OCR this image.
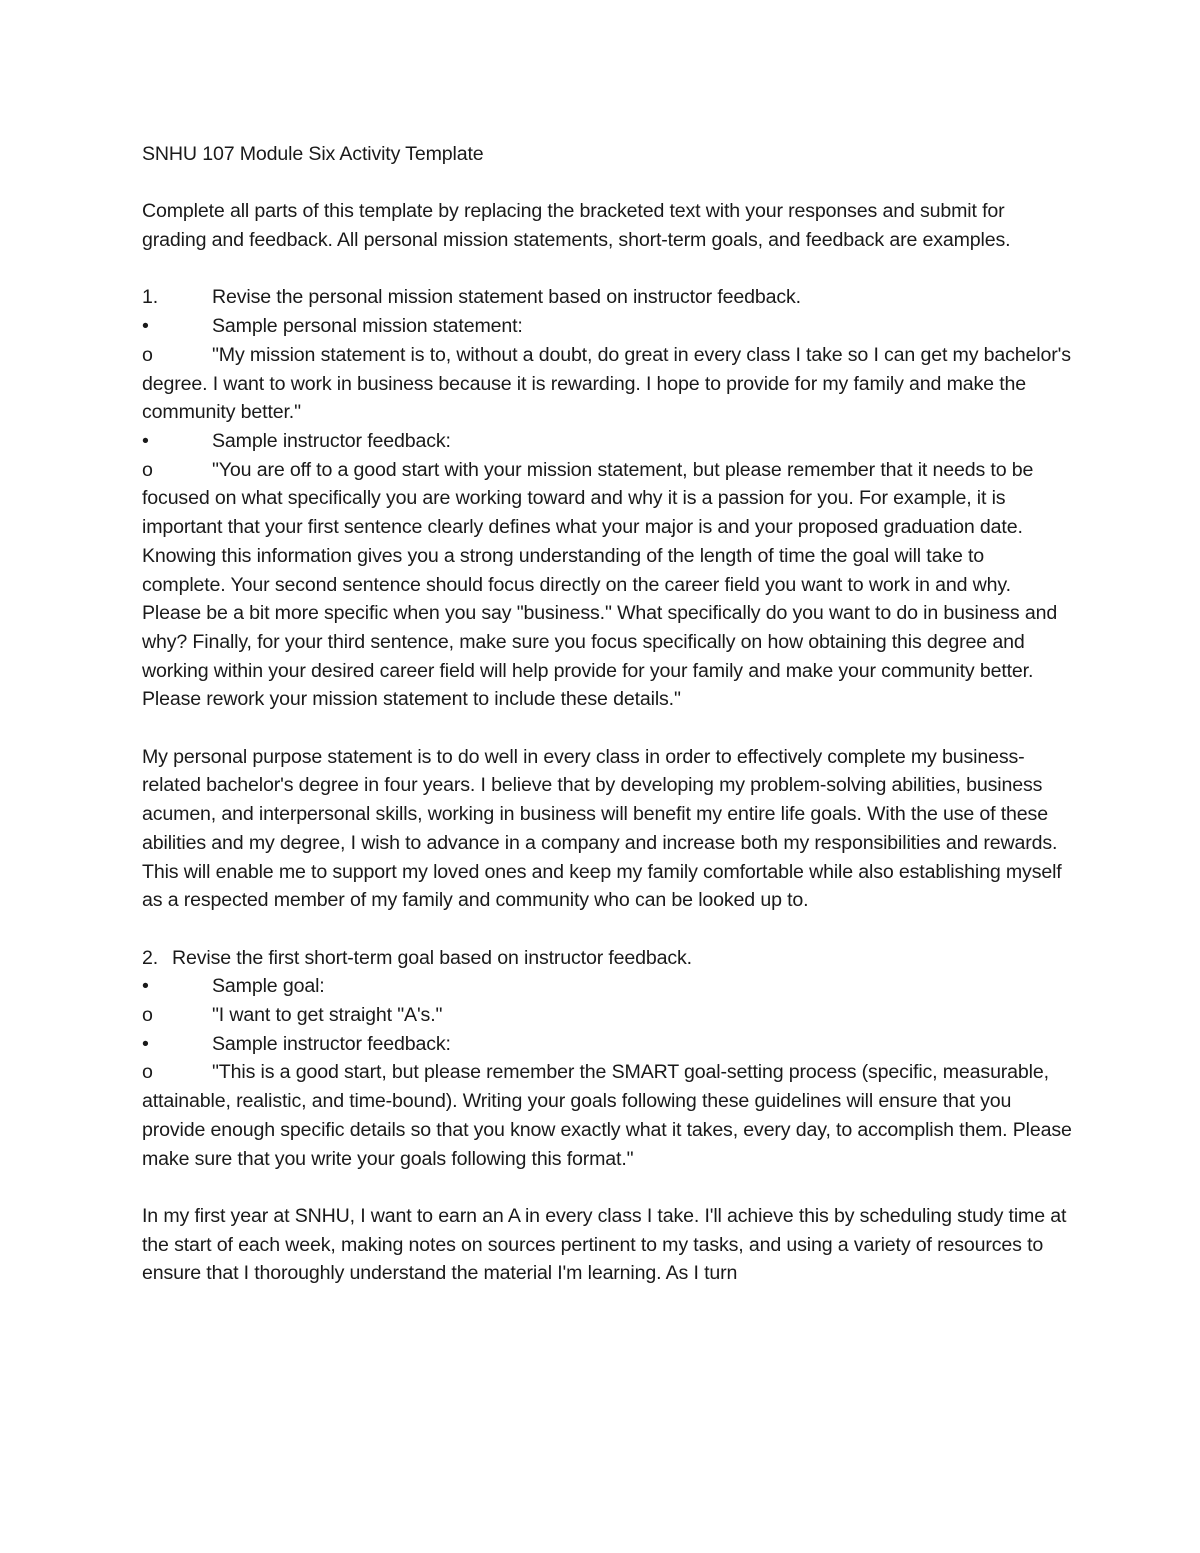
SNHU 107 Module Six Activity Template

Complete all parts of this template by replacing the bracketed text with your responses and submit for grading and feedback. All personal mission statements, short-term goals, and feedback are examples.

1.	Revise the personal mission statement based on instructor feedback.
•	Sample personal mission statement:

o	"My mission statement is to, without a doubt, do great in every class I take so I can get my bachelor's degree. I want to work in business because it is rewarding. I hope to provide for my family and make the community better."

•	Sample instructor feedback:

o	"You are off to a good start with your mission statement, but please remember that it needs to be focused on what specifically you are working toward and why it is a passion for you. For example, it is important that your first sentence clearly defines what your major is and your proposed graduation date. Knowing this information gives you a strong understanding of the length of time the goal will take to complete. Your second sentence should focus directly on the career field you want to work in and why. Please be a bit more specific when you say "business." What specifically do you want to do in business and why? Finally, for your third sentence, make sure you focus specifically on how obtaining this degree and working within your desired career field will help provide for your family and make your community better. Please rework your mission statement to include these details."

My personal purpose statement is to do well in every class in order to effectively complete my business-related bachelor's degree in four years. I believe that by developing my problem-solving abilities, business acumen, and interpersonal skills, working in business will benefit my entire life goals. With the use of these abilities and my degree, I wish to advance in a company and increase both my responsibilities and rewards. This will enable me to support my loved ones and keep my family comfortable while also establishing myself as a respected member of my family and community who can be looked up to.

2. Revise the first short-term goal based on instructor feedback.

•	Sample goal:
o	"I want to get straight "A's."
•	Sample instructor feedback:

o	"This is a good start, but please remember the SMART goal-setting process (specific, measurable, attainable, realistic, and time-bound). Writing your goals following these guidelines will ensure that you provide enough specific details so that you know exactly what it takes, every day, to accomplish them. Please make sure that you write your goals following this format."

In my first year at SNHU, I want to earn an A in every class I take. I'll achieve this by scheduling study time at the start of each week, making notes on sources pertinent to my tasks, and using a variety of resources to ensure that I thoroughly understand the material I'm learning. As I turn
